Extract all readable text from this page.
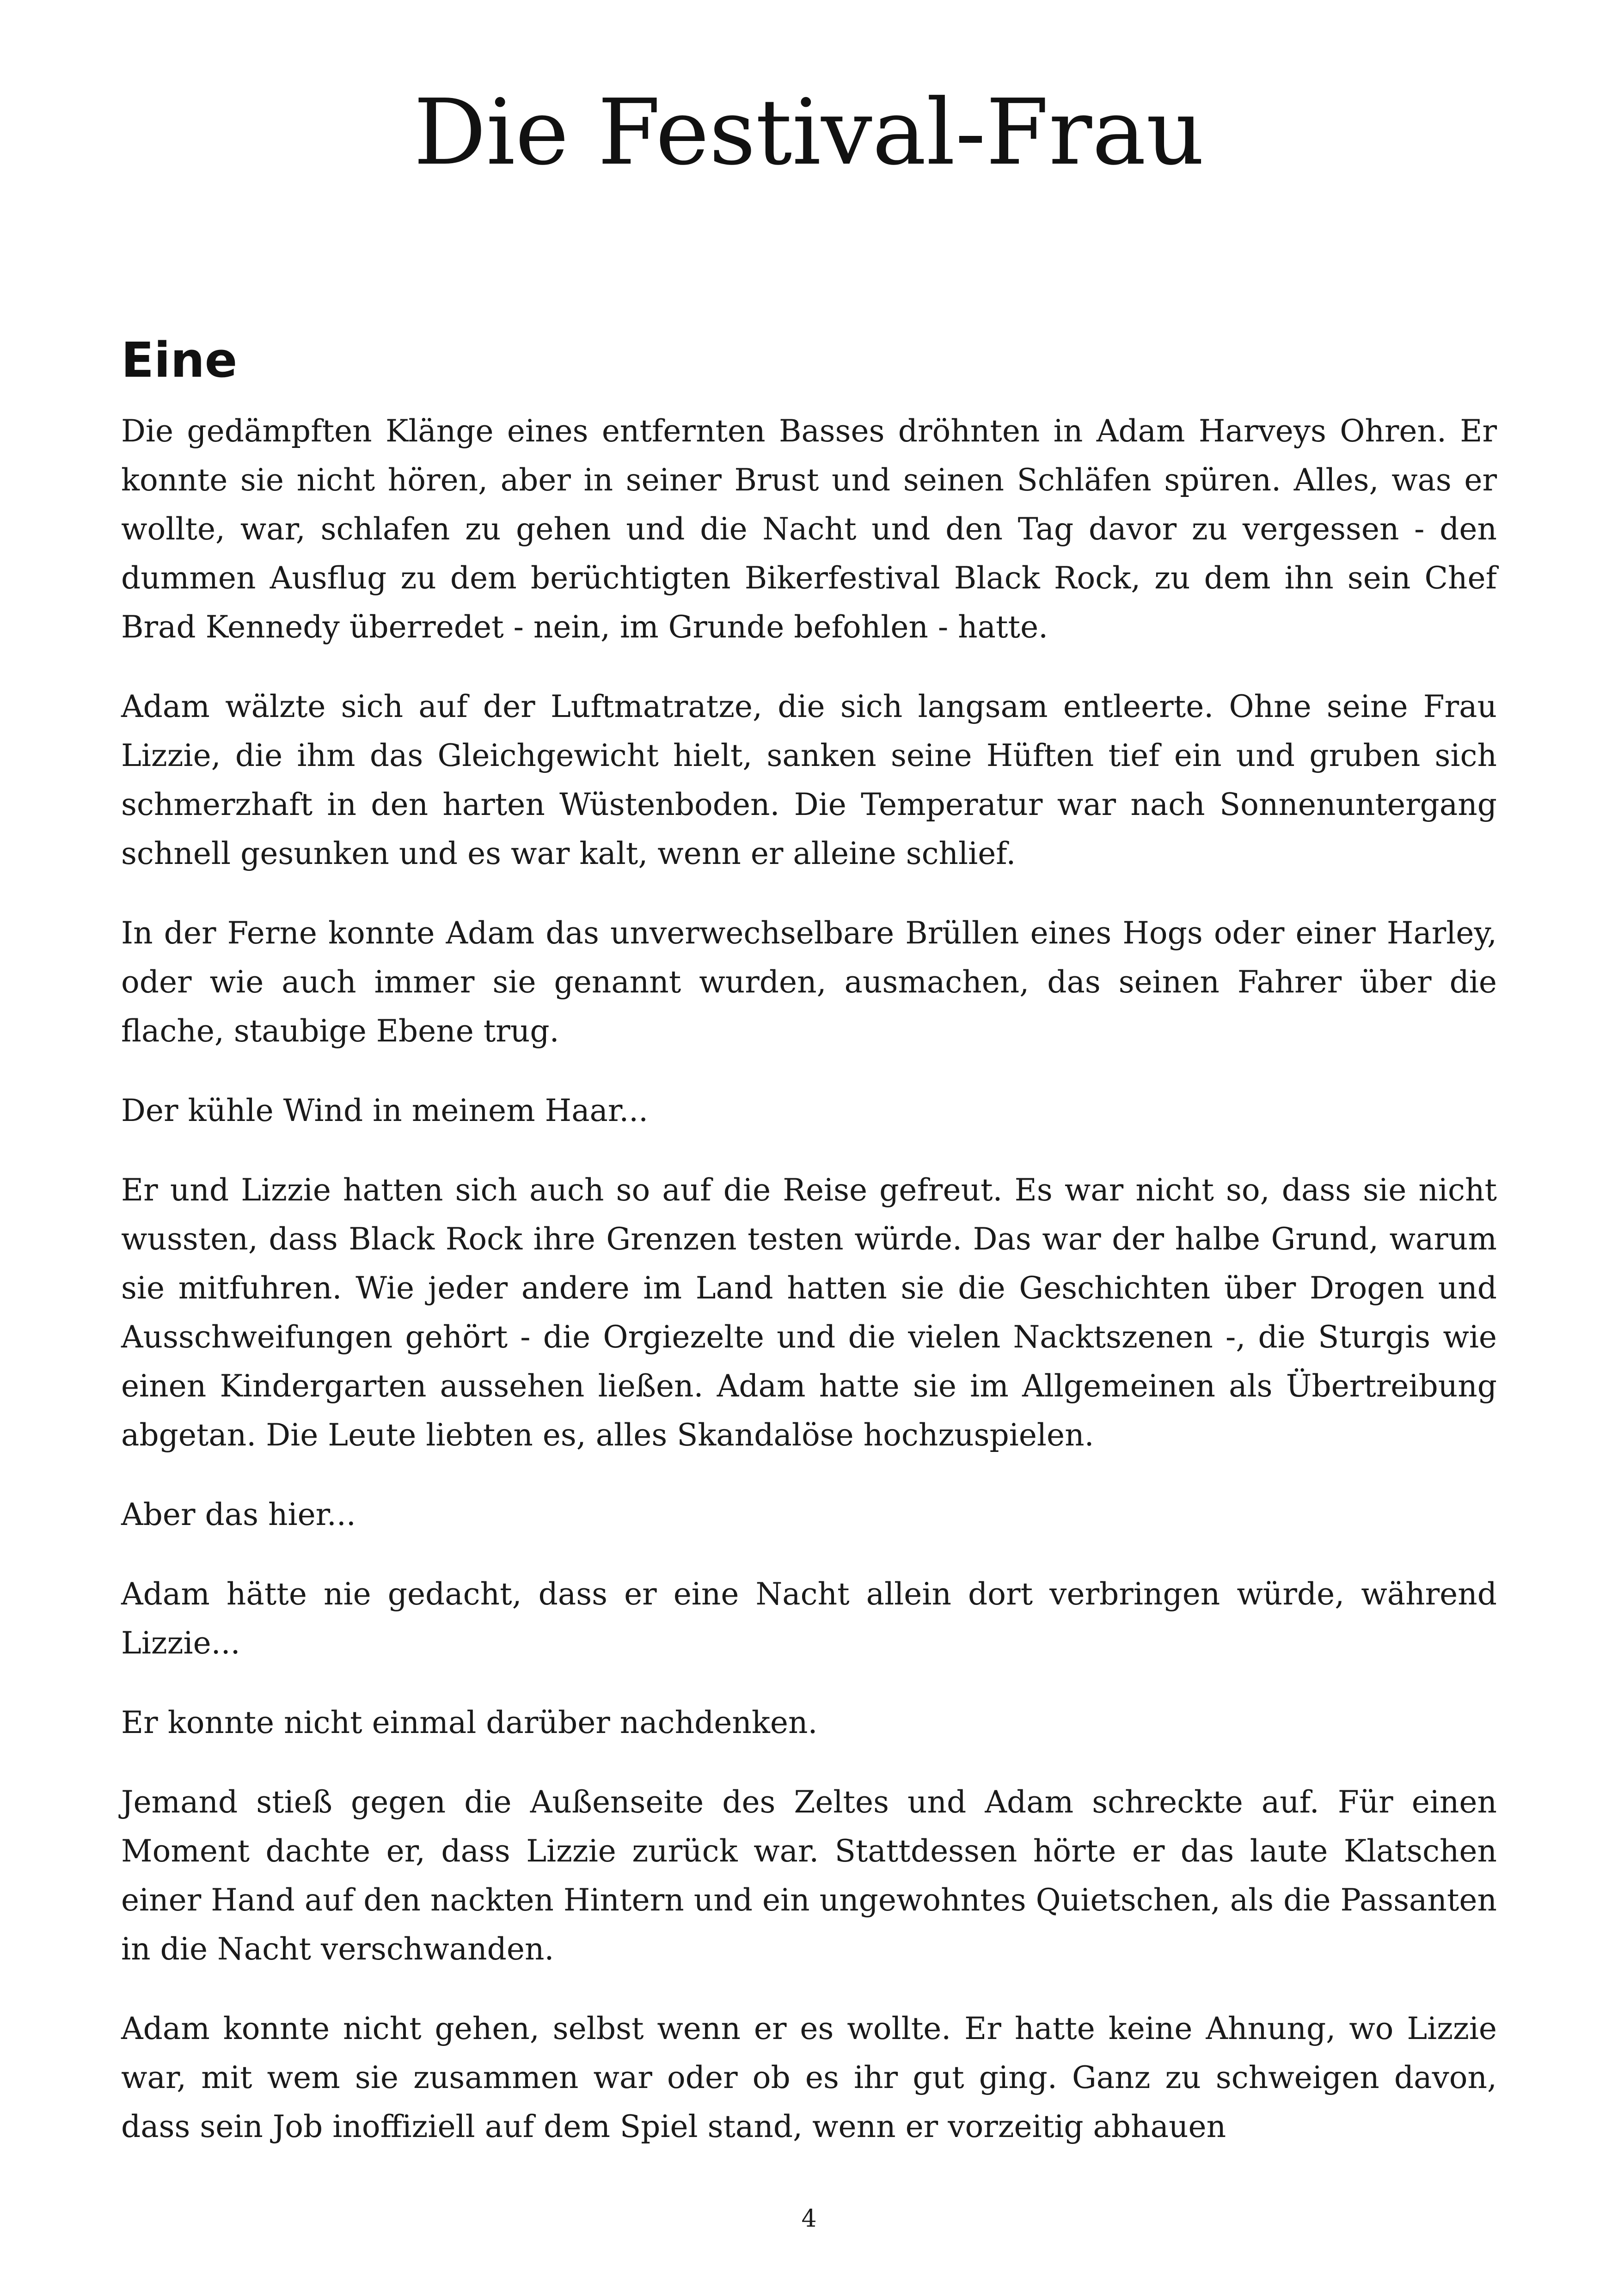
Die Festival-Frau
Eine

Die gedämpften Klänge eines entfernten Basses dröhnten in Adam Harveys Ohren. Er konnte sie nicht hören, aber in seiner Brust und seinen Schläfen spüren. Alles, was er wollte, war, schlafen zu gehen und die Nacht und den Tag davor zu vergessen - den dummen Ausflug zu dem berüchtigten Bikerfestival Black Rock, zu dem ihn sein Chef Brad Kennedy überredet - nein, im Grunde befohlen - hatte.

Adam wälzte sich auf der Luftmatratze, die sich langsam entleerte. Ohne seine Frau Lizzie, die ihm das Gleichgewicht hielt, sanken seine Hüften tief ein und gruben sich schmerzhaft in den harten Wüstenboden. Die Temperatur war nach Sonnenuntergang schnell gesunken und es war kalt, wenn er alleine schlief.

In der Ferne konnte Adam das unverwechselbare Brüllen eines Hogs oder einer Harley, oder wie auch immer sie genannt wurden, ausmachen, das seinen Fahrer über die flache, staubige Ebene trug.

Der kühle Wind in meinem Haar...

Er und Lizzie hatten sich auch so auf die Reise gefreut. Es war nicht so, dass sie nicht wussten, dass Black Rock ihre Grenzen testen würde. Das war der halbe Grund, warum sie mitfuhren. Wie jeder andere im Land hatten sie die Geschichten über Drogen und Ausschweifungen gehört - die Orgiezelte und die vielen Nacktszenen -, die Sturgis wie einen Kindergarten aussehen ließen. Adam hatte sie im Allgemeinen als Übertreibung abgetan. Die Leute liebten es, alles Skandalöse hochzuspielen.

Aber das hier...

Adam hätte nie gedacht, dass er eine Nacht allein dort verbringen würde, während Lizzie...

Er konnte nicht einmal darüber nachdenken.

Jemand stieß gegen die Außenseite des Zeltes und Adam schreckte auf. Für einen Moment dachte er, dass Lizzie zurück war. Stattdessen hörte er das laute Klatschen einer Hand auf den nackten Hintern und ein ungewohntes Quietschen, als die Passanten in die Nacht verschwanden.

Adam konnte nicht gehen, selbst wenn er es wollte. Er hatte keine Ahnung, wo Lizzie war, mit wem sie zusammen war oder ob es ihr gut ging. Ganz zu schweigen davon, dass sein Job inoffiziell auf dem Spiel stand, wenn er vorzeitig abhauen

4
